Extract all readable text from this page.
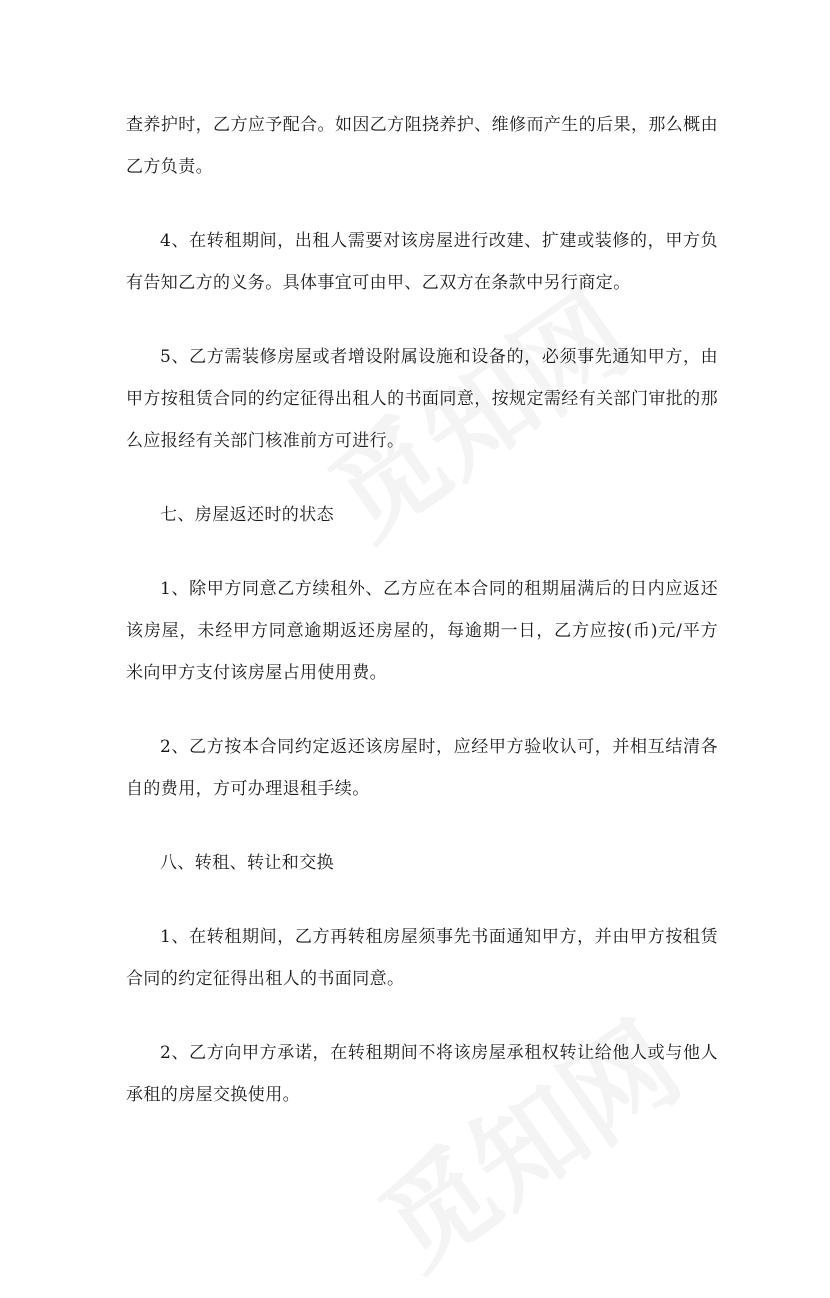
查养护时，乙方应予配合。如因乙方阻挠养护、维修而产生的后果，那么概由乙方负责。

4、在转租期间，出租人需要对该房屋进行改建、扩建或装修的，甲方负有告知乙方的义务。具体事宜可由甲、乙双方在条款中另行商定。

5、乙方需装修房屋或者增设附属设施和设备的，必须事先通知甲方，由甲方按租赁合同的约定征得出租人的书面同意，按规定需经有关部门审批的那么应报经有关部门核准前方可进行。

七、房屋返还时的状态

1、除甲方同意乙方续租外、乙方应在本合同的租期届满后的日内应返还该房屋，未经甲方同意逾期返还房屋的，每逾期一日，乙方应按(币)元/平方米向甲方支付该房屋占用使用费。

2、乙方按本合同约定返还该房屋时，应经甲方验收认可，并相互结清各自的费用，方可办理退租手续。

八、转租、转让和交换

1、在转租期间，乙方再转租房屋须事先书面通知甲方，并由甲方按租赁合同的约定征得出租人的书面同意。

2、乙方向甲方承诺，在转租期间不将该房屋承租权转让给他人或与他人承租的房屋交换使用。
